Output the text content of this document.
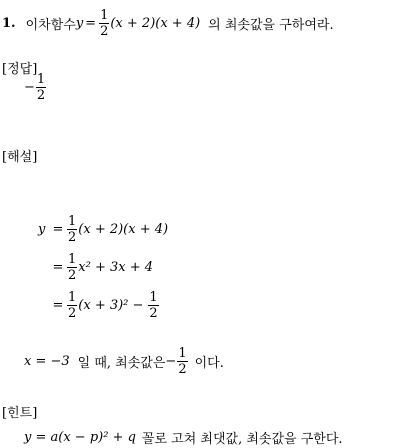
1. 이차함수 $y = \frac{1}{2} (x + 2)(x + 4)$ 의 최솟값을 구하여라.
[정답]
− $\frac{1}{2}$
[해설]
$y = \frac{1}{2} (x + 2)(x + 4)$
= $\frac{1}{2} x^2 + 3x + 4$
= $\frac{1}{2} (x + 3)^2 - \frac{1}{2}$
x = −3 일 때, 최솟값은 − $\frac{1}{2}$ 이다.
[힌트]
y = a(x − p)² + q 꼴로 고쳐 최댓값, 최솟값을 구한다.
